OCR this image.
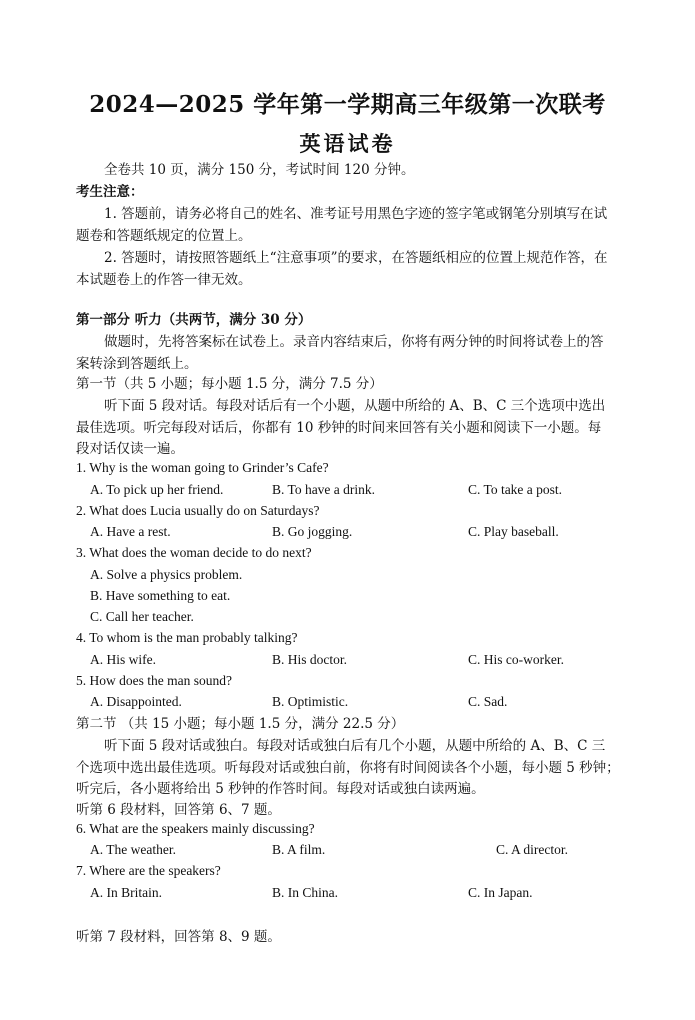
2024—2025 学年第一学期高三年级第一次联考
英语试卷
全卷共 10 页，满分 150 分，考试时间 120 分钟。
考生注意：
1. 答题前，请务必将自己的姓名、准考证号用黑色字迹的签字笔或钢笔分别填写在试
题卷和答题纸规定的位置上。
2. 答题时，请按照答题纸上“注意事项”的要求，在答题纸相应的位置上规范作答，在
本试题卷上的作答一律无效。
第一部分 听力（共两节，满分 30 分）
做题时，先将答案标在试卷上。录音内容结束后，你将有两分钟的时间将试卷上的答
案转涂到答题纸上。
第一节（共 5 小题；每小题 1.5 分，满分 7.5 分）
听下面 5 段对话。每段对话后有一个小题，从题中所给的 A、B、C 三个选项中选出
最佳选项。听完每段对话后，你都有 10 秒钟的时间来回答有关小题和阅读下一小题。每
段对话仅读一遍。
1. Why is the woman going to Grinder’s Cafe?
A. To pick up her friend.	B. To have a drink.	C. To take a post.
2. What does Lucia usually do on Saturdays?
A. Have a rest.	B. Go jogging.	C. Play baseball.
3. What does the woman decide to do next?
A. Solve a physics problem.
B. Have something to eat.
C. Call her teacher.
4. To whom is the man probably talking?
A. His wife.	B. His doctor.	C. His co-worker.
5. How does the man sound?
A. Disappointed.	B. Optimistic.	C. Sad.
第二节 （共 15 小题；每小题 1.5 分，满分 22.5 分）
听下面 5 段对话或独白。每段对话或独白后有几个小题，从题中所给的 A、B、C 三
个选项中选出最佳选项。听每段对话或独白前，你将有时间阅读各个小题，每小题 5 秒钟；
听完后，各小题将给出 5 秒钟的作答时间。每段对话或独白读两遍。
听第 6 段材料，回答第 6、7 题。
6. What are the speakers mainly discussing?
A. The weather.	B. A film.	C. A director.
7. Where are the speakers?
A. In Britain.	B. In China.	C. In Japan.
听第 7 段材料，回答第 8、9 题。
